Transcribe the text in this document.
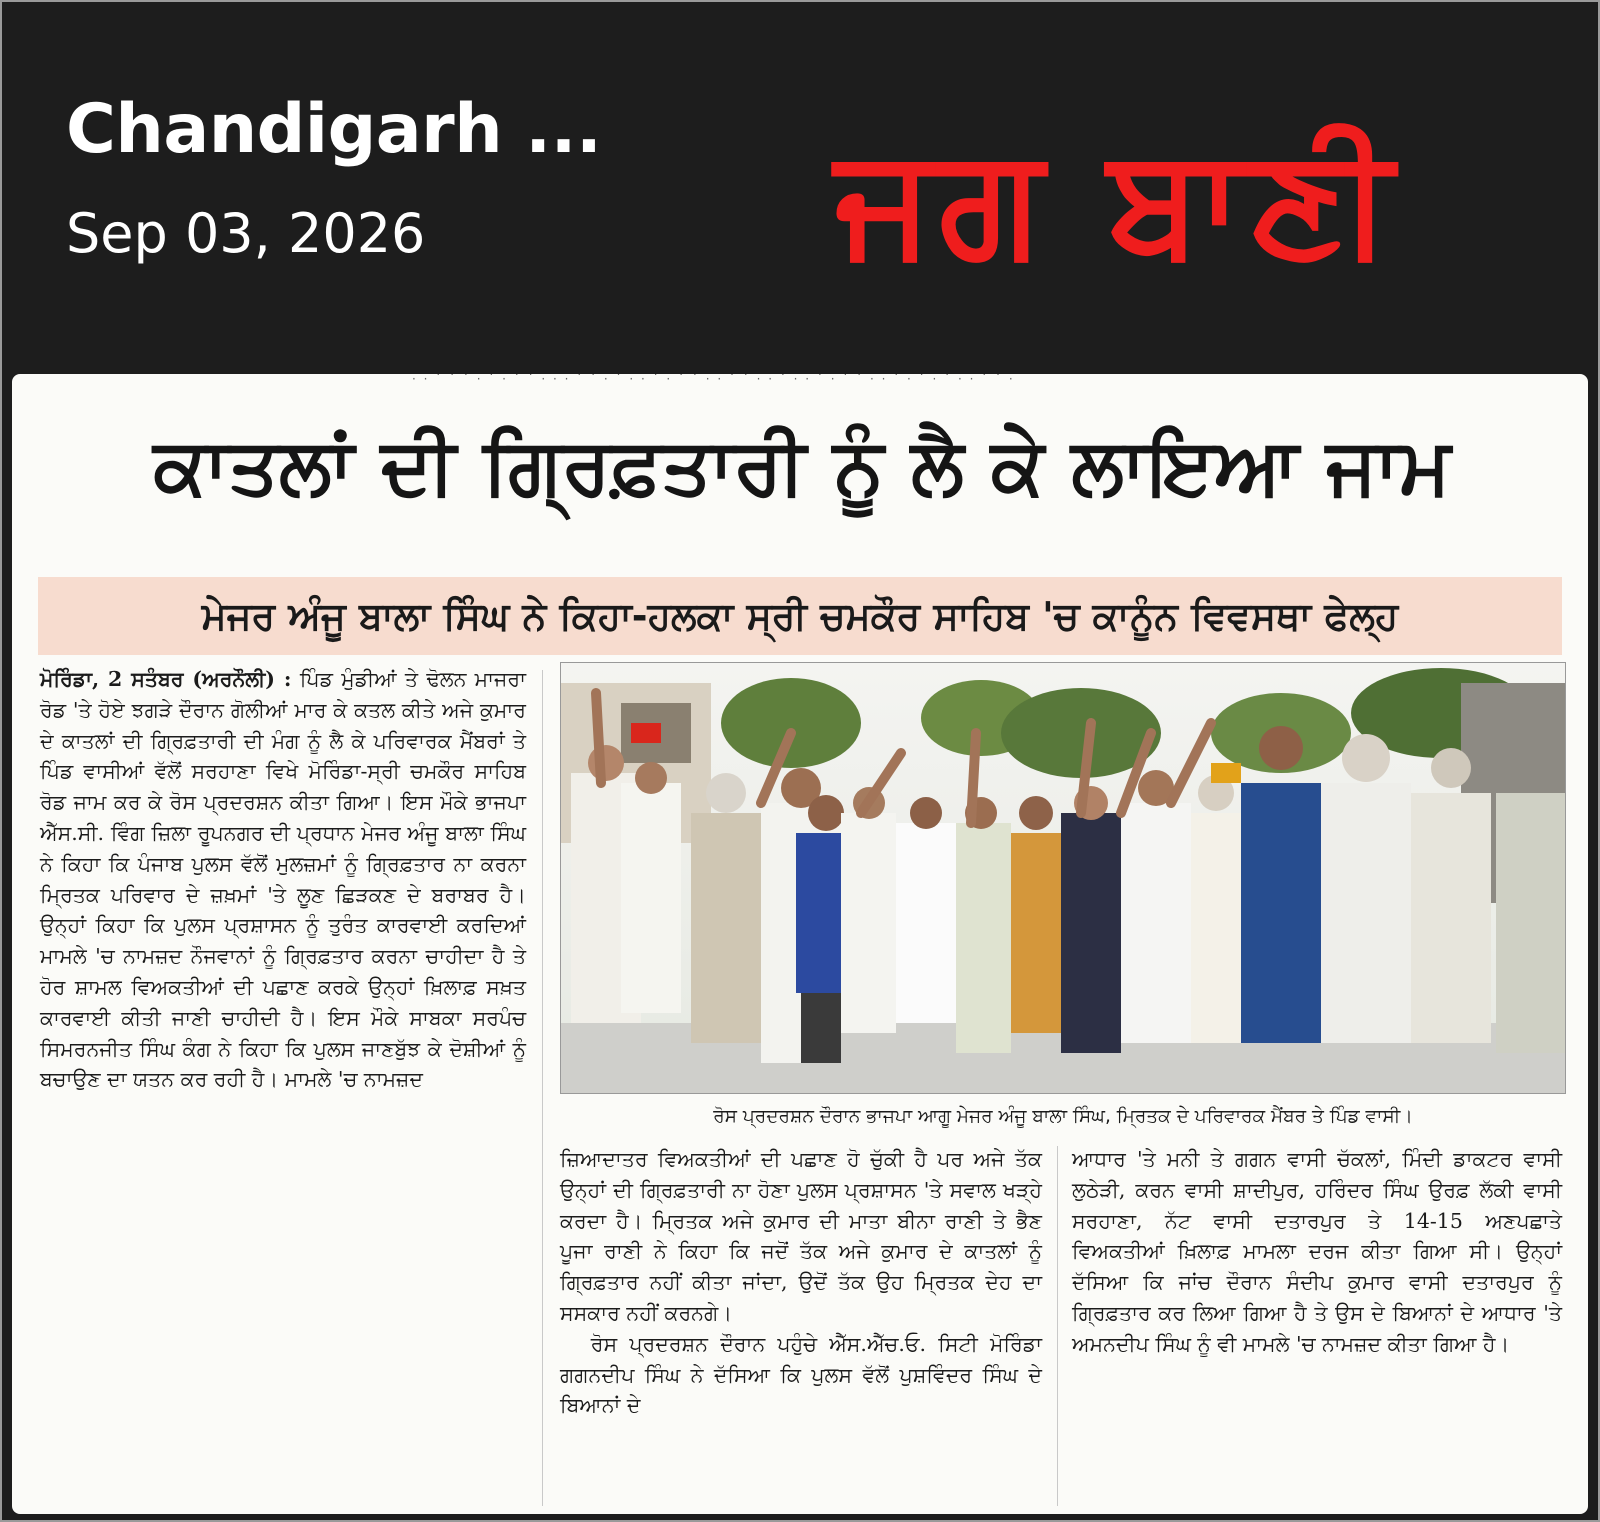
Chandigarh ...
Sep 03, 2026	ਜਗ ਬਾਣੀ
· · ˙ ˙ ˙ · ˙ · ˙ ˙ · · · ˙ ˙ · ˙ · · ˙ · ˙ ˙ · · ˙ ˙ · · ˙ · · ˙ · ˙ ˙ · · ˙ · ˙ · ˙ · · ˙ ˙ ·
ਕਾਤਲਾਂ ਦੀ ਗ੍ਰਿਫ਼ਤਾਰੀ ਨੂੰ ਲੈ ਕੇ ਲਾਇਆ ਜਾਮ
ਮੇਜਰ ਅੰਜੂ ਬਾਲਾ ਸਿੰਘ ਨੇ ਕਿਹਾ-ਹਲਕਾ ਸ੍ਰੀ ਚਮਕੌਰ ਸਾਹਿਬ 'ਚ ਕਾਨੂੰਨ ਵਿਵਸਥਾ ਫੇਲ੍ਹ

ਮੋਰਿੰਡਾ, 2 ਸਤੰਬਰ (ਅਰਨੌਲੀ) : ਪਿੰਡ ਮੁੰਡੀਆਂ ਤੇ ਢੋਲਨ ਮਾਜਰਾ ਰੋਡ 'ਤੇ ਹੋਏ ਝਗੜੇ ਦੌਰਾਨ ਗੋਲੀਆਂ ਮਾਰ ਕੇ ਕਤਲ ਕੀਤੇ ਅਜੇ ਕੁਮਾਰ ਦੇ ਕਾਤਲਾਂ ਦੀ ਗ੍ਰਿਫ਼ਤਾਰੀ ਦੀ ਮੰਗ ਨੂੰ ਲੈ ਕੇ ਪਰਿਵਾਰਕ ਮੈਂਬਰਾਂ ਤੇ ਪਿੰਡ ਵਾਸੀਆਂ ਵੱਲੋਂ ਸਰਹਾਣਾ ਵਿਖੇ ਮੋਰਿੰਡਾ-ਸ੍ਰੀ ਚਮਕੌਰ ਸਾਹਿਬ ਰੋਡ ਜਾਮ ਕਰ ਕੇ ਰੋਸ ਪ੍ਰਦਰਸ਼ਨ ਕੀਤਾ ਗਿਆ। ਇਸ ਮੌਕੇ ਭਾਜਪਾ ਐੱਸ.ਸੀ. ਵਿੰਗ ਜ਼ਿਲਾ ਰੂਪਨਗਰ ਦੀ ਪ੍ਰਧਾਨ ਮੇਜਰ ਅੰਜੂ ਬਾਲਾ ਸਿੰਘ ਨੇ ਕਿਹਾ ਕਿ ਪੰਜਾਬ ਪੁਲਸ ਵੱਲੋਂ ਮੁਲਜ਼ਮਾਂ ਨੂੰ ਗ੍ਰਿਫ਼ਤਾਰ ਨਾ ਕਰਨਾ ਮ੍ਰਿਤਕ ਪਰਿਵਾਰ ਦੇ ਜ਼ਖ਼ਮਾਂ 'ਤੇ ਲੂਣ ਛਿੜਕਣ ਦੇ ਬਰਾਬਰ ਹੈ। ਉਨ੍ਹਾਂ ਕਿਹਾ ਕਿ ਪੁਲਸ ਪ੍ਰਸ਼ਾਸਨ ਨੂੰ ਤੁਰੰਤ ਕਾਰਵਾਈ ਕਰਦਿਆਂ ਮਾਮਲੇ 'ਚ ਨਾਮਜ਼ਦ ਨੌਜਵਾਨਾਂ ਨੂੰ ਗ੍ਰਿਫ਼ਤਾਰ ਕਰਨਾ ਚਾਹੀਦਾ ਹੈ ਤੇ ਹੋਰ ਸ਼ਾਮਲ ਵਿਅਕਤੀਆਂ ਦੀ ਪਛਾਣ ਕਰਕੇ ਉਨ੍ਹਾਂ ਖ਼ਿਲਾਫ਼ ਸਖ਼ਤ ਕਾਰਵਾਈ ਕੀਤੀ ਜਾਣੀ ਚਾਹੀਦੀ ਹੈ। ਇਸ ਮੌਕੇ ਸਾਬਕਾ ਸਰਪੰਚ ਸਿਮਰਨਜੀਤ ਸਿੰਘ ਕੰਗ ਨੇ ਕਿਹਾ ਕਿ ਪੁਲਸ ਜਾਣਬੁੱਝ ਕੇ ਦੋਸ਼ੀਆਂ ਨੂੰ ਬਚਾਉਣ ਦਾ ਯਤਨ ਕਰ ਰਹੀ ਹੈ। ਮਾਮਲੇ 'ਚ ਨਾਮਜ਼ਦ

ਰੋਸ ਪ੍ਰਦਰਸ਼ਨ ਦੌਰਾਨ ਭਾਜਪਾ ਆਗੂ ਮੇਜਰ ਅੰਜੂ ਬਾਲਾ ਸਿੰਘ, ਮ੍ਰਿਤਕ ਦੇ ਪਰਿਵਾਰਕ ਮੈਂਬਰ ਤੇ ਪਿੰਡ ਵਾਸੀ।

ਜ਼ਿਆਦਾਤਰ ਵਿਅਕਤੀਆਂ ਦੀ ਪਛਾਣ ਹੋ ਚੁੱਕੀ ਹੈ ਪਰ ਅਜੇ ਤੱਕ ਉਨ੍ਹਾਂ ਦੀ ਗ੍ਰਿਫ਼ਤਾਰੀ ਨਾ ਹੋਣਾ ਪੁਲਸ ਪ੍ਰਸ਼ਾਸਨ 'ਤੇ ਸਵਾਲ ਖੜ੍ਹੇ ਕਰਦਾ ਹੈ। ਮ੍ਰਿਤਕ ਅਜੇ ਕੁਮਾਰ ਦੀ ਮਾਤਾ ਬੀਨਾ ਰਾਣੀ ਤੇ ਭੈਣ ਪੂਜਾ ਰਾਣੀ ਨੇ ਕਿਹਾ ਕਿ ਜਦੋਂ ਤੱਕ ਅਜੇ ਕੁਮਾਰ ਦੇ ਕਾਤਲਾਂ ਨੂੰ ਗ੍ਰਿਫ਼ਤਾਰ ਨਹੀਂ ਕੀਤਾ ਜਾਂਦਾ, ਉਦੋਂ ਤੱਕ ਉਹ ਮ੍ਰਿਤਕ ਦੇਹ ਦਾ ਸਸਕਾਰ ਨਹੀਂ ਕਰਨਗੇ।

ਰੋਸ ਪ੍ਰਦਰਸ਼ਨ ਦੌਰਾਨ ਪਹੁੰਚੇ ਐੱਸ.ਐੱਚ.ਓ. ਸਿਟੀ ਮੋਰਿੰਡਾ ਗਗਨਦੀਪ ਸਿੰਘ ਨੇ ਦੱਸਿਆ ਕਿ ਪੁਲਸ ਵੱਲੋਂ ਪੁਸ਼ਵਿੰਦਰ ਸਿੰਘ ਦੇ ਬਿਆਨਾਂ ਦੇ

ਆਧਾਰ 'ਤੇ ਮਨੀ ਤੇ ਗਗਨ ਵਾਸੀ ਚੱਕਲਾਂ, ਮਿੰਦੀ ਡਾਕਟਰ ਵਾਸੀ ਲੁਠੇੜੀ, ਕਰਨ ਵਾਸੀ ਸ਼ਾਦੀਪੁਰ, ਹਰਿੰਦਰ ਸਿੰਘ ਉਰਫ਼ ਲੱਕੀ ਵਾਸੀ ਸਰਹਾਣਾ, ਨੱਟ ਵਾਸੀ ਦਤਾਰਪੁਰ ਤੇ 14-15 ਅਣਪਛਾਤੇ ਵਿਅਕਤੀਆਂ ਖ਼ਿਲਾਫ਼ ਮਾਮਲਾ ਦਰਜ ਕੀਤਾ ਗਿਆ ਸੀ। ਉਨ੍ਹਾਂ ਦੱਸਿਆ ਕਿ ਜਾਂਚ ਦੌਰਾਨ ਸੰਦੀਪ ਕੁਮਾਰ ਵਾਸੀ ਦਤਾਰਪੁਰ ਨੂੰ ਗ੍ਰਿਫ਼ਤਾਰ ਕਰ ਲਿਆ ਗਿਆ ਹੈ ਤੇ ਉਸ ਦੇ ਬਿਆਨਾਂ ਦੇ ਆਧਾਰ 'ਤੇ ਅਮਨਦੀਪ ਸਿੰਘ ਨੂੰ ਵੀ ਮਾਮਲੇ 'ਚ ਨਾਮਜ਼ਦ ਕੀਤਾ ਗਿਆ ਹੈ।
